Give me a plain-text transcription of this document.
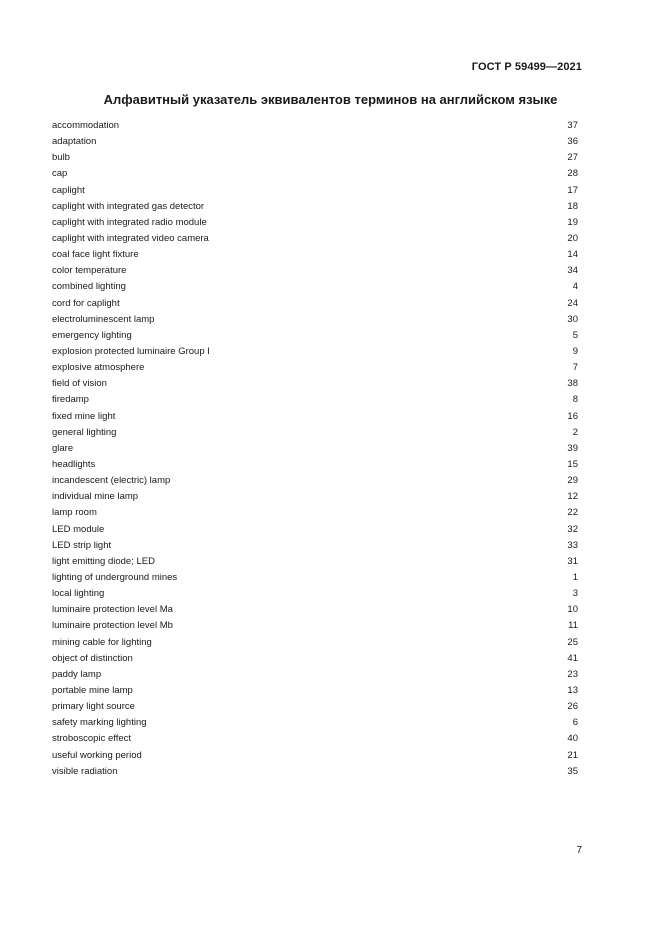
ГОСТ Р 59499—2021
Алфавитный указатель эквивалентов терминов на английском языке
accommodation	37
adaptation	36
bulb	27
cap	28
caplight	17
caplight with integrated gas detector	18
caplight with integrated radio module	19
caplight with integrated video camera	20
coal face light fixture	14
color temperature	34
combined lighting	4
cord for caplight	24
electroluminescent lamp	30
emergency lighting	5
explosion protected luminaire Group I	9
explosive atmosphere	7
field of vision	38
firedamp	8
fixed mine light	16
general lighting	2
glare	39
headlights	15
incandescent (electric) lamp	29
individual mine lamp	12
lamp room	22
LED module	32
LED strip light	33
light emitting diode; LED	31
lighting of underground mines	1
local lighting	3
luminaire protection level Ma	10
luminaire protection level Mb	11
mining cable for lighting	25
object of distinction	41
paddy lamp	23
portable mine lamp	13
primary light source	26
safety marking lighting	6
stroboscopic effect	40
useful working period	21
visible radiation	35
7
